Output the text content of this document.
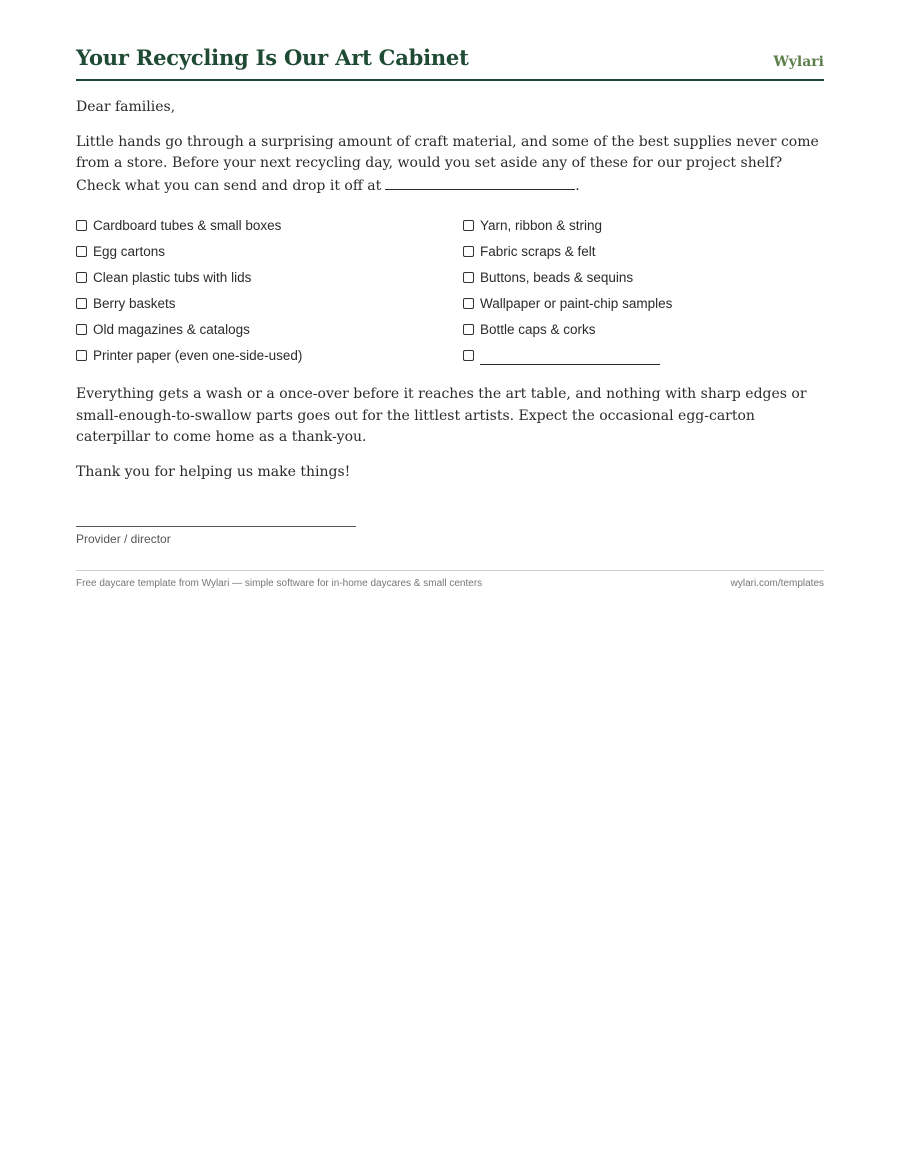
Your Recycling Is Our Art Cabinet	Wylari

Dear families,

Little hands go through a surprising amount of craft material, and some of the best supplies never come from a store. Before your next recycling day, would you set aside any of these for our project shelf? Check what you can send and drop it off at	.

Cardboard tubes & small boxes	Yarn, ribbon & string
Egg cartons	Fabric scraps & felt
Clean plastic tubs with lids	Buttons, beads & sequins
Berry baskets	Wallpaper or paint-chip samples
Old magazines & catalogs	Bottle caps & corks
Printer paper (even one-side-used)

Everything gets a wash or a once-over before it reaches the art table, and nothing with sharp edges or small-enough-to-swallow parts goes out for the littlest artists. Expect the occasional egg-carton caterpillar to come home as a thank-you.

Thank you for helping us make things!

Provider / director
Free daycare template from Wylari — simple software for in-home daycares & small centers	wylari.com/templates
